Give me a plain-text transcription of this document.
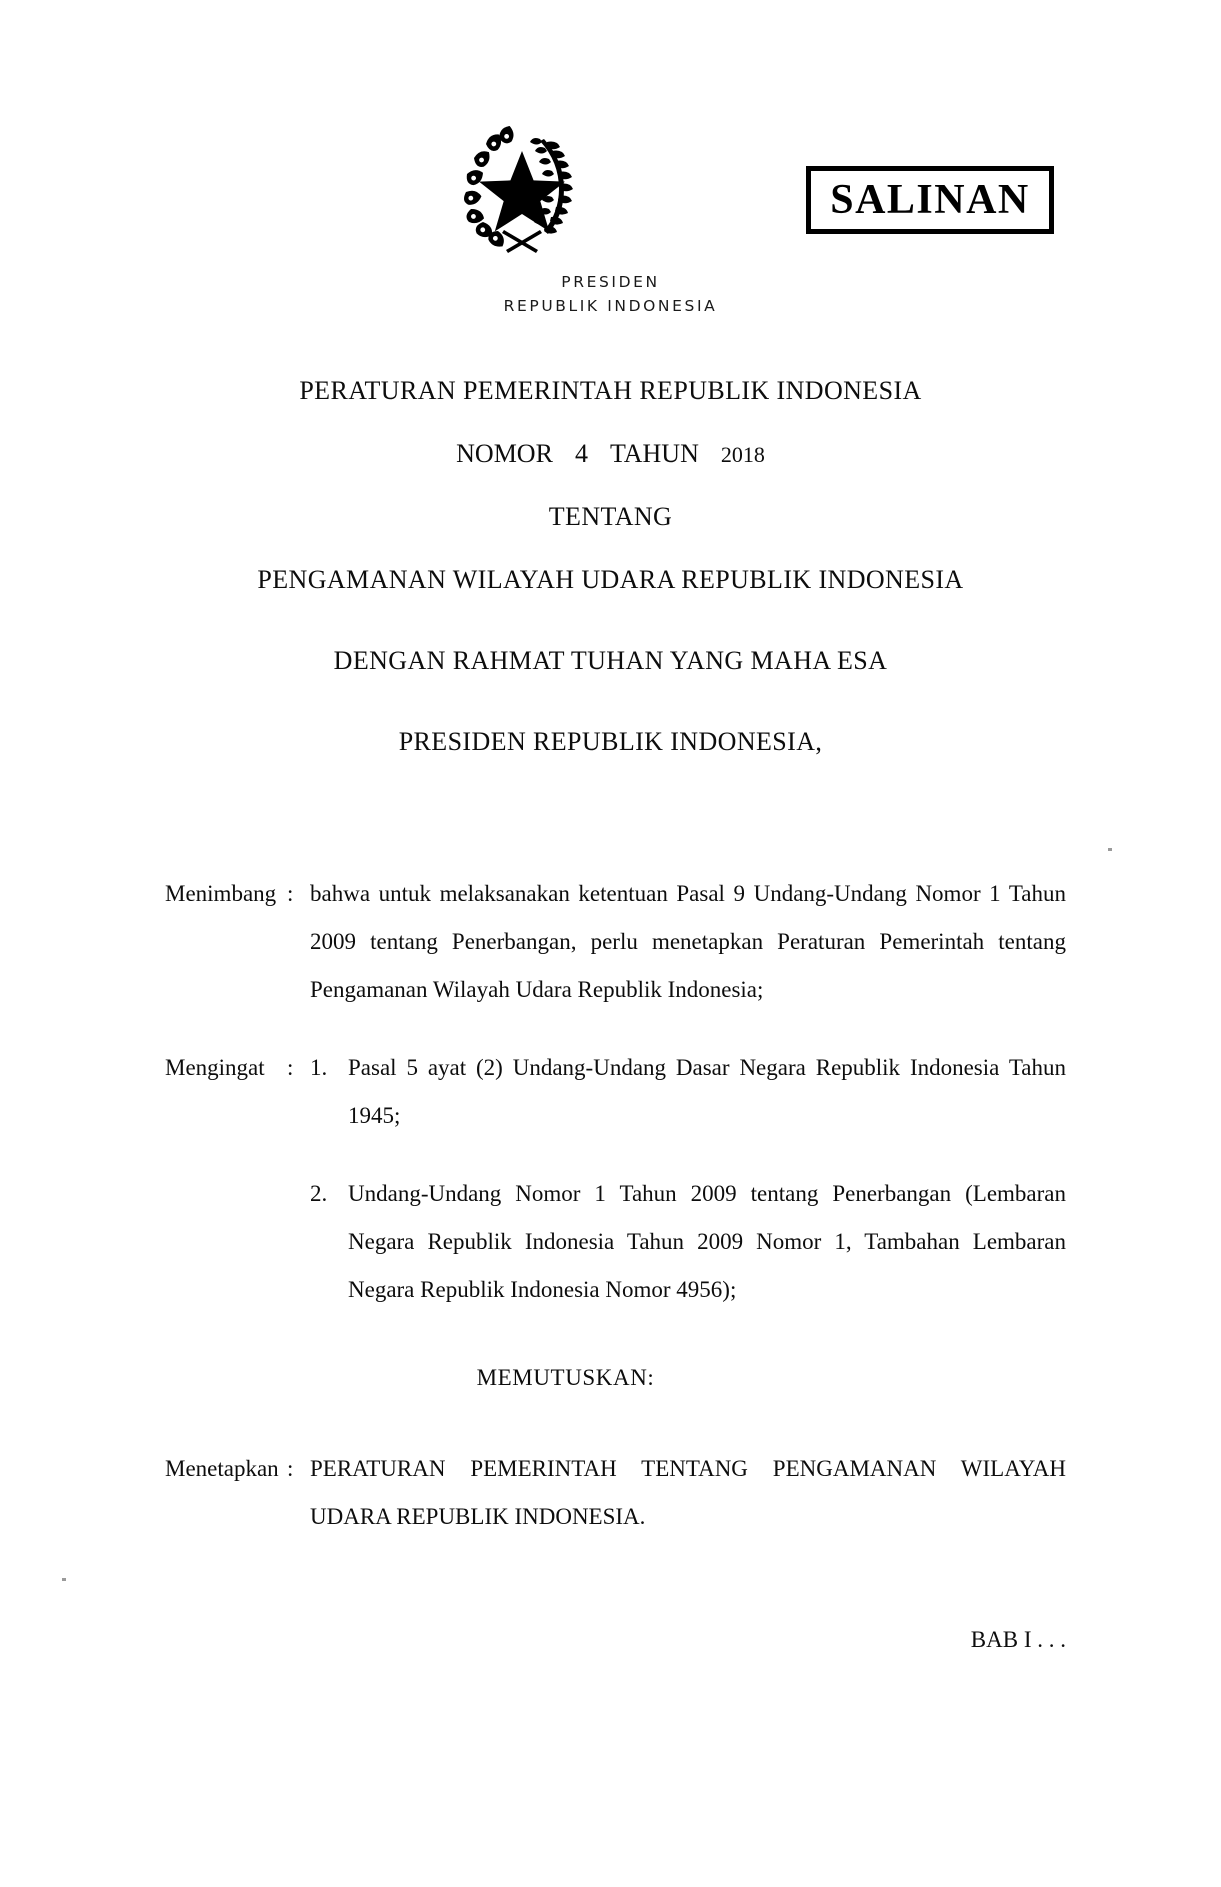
SALINAN
PRESIDEN
REPUBLIK INDONESIA
PERATURAN PEMERINTAH REPUBLIK INDONESIA
NOMOR 4 TAHUN 2018
TENTANG
PENGAMANAN WILAYAH UDARA REPUBLIK INDONESIA
DENGAN RAHMAT TUHAN YANG MAHA ESA
PRESIDEN REPUBLIK INDONESIA,
Menimbang : bahwa untuk melaksanakan ketentuan Pasal 9 Undang-Undang Nomor 1 Tahun 2009 tentang Penerbangan, perlu menetapkan Peraturan Pemerintah tentang Pengamanan Wilayah Udara Republik Indonesia;

Mengingat : 1. Pasal 5 ayat (2) Undang-Undang Dasar Negara Republik Indonesia Tahun 1945;
2. Undang-Undang Nomor 1 Tahun 2009 tentang Penerbangan (Lembaran Negara Republik Indonesia Tahun 2009 Nomor 1, Tambahan Lembaran Negara Republik Indonesia Nomor 4956);
MEMUTUSKAN:
Menetapkan : PERATURAN PEMERINTAH TENTANG PENGAMANAN WILAYAH UDARA REPUBLIK INDONESIA.

BAB I . . .
